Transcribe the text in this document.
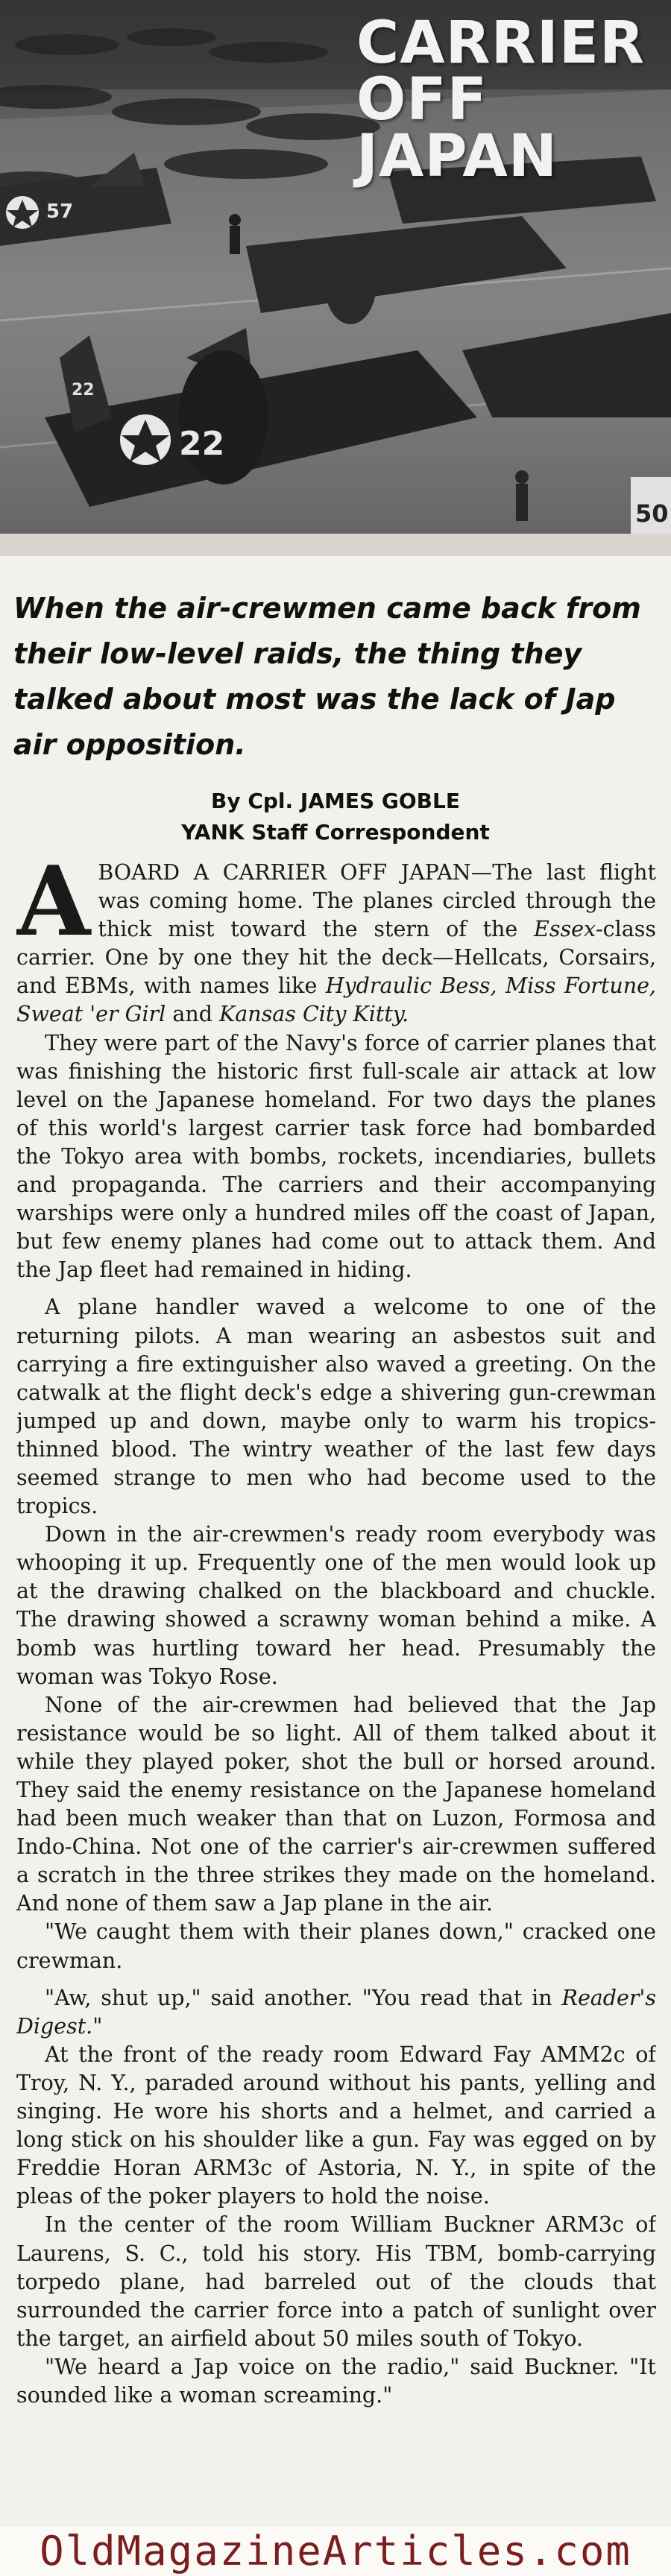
57
22
22
50
CARRIER
OFF
JAPAN
When the air-crewmen came back from their low-level raids, the thing they talked about most was the lack of Jap air opposition.
By Cpl. JAMES GOBLE
YANK Staff Correspondent

ABOARD A CARRIER OFF JAPAN—The last flight was coming home. The planes circled through the thick mist toward the stern of the Essex-class carrier. One by one they hit the deck—Hellcats, Corsairs, and EBMs, with names like Hydraulic Bess, Miss Fortune, Sweat 'er Girl and Kansas City Kitty.

They were part of the Navy's force of carrier planes that was finishing the historic first full-scale air attack at low level on the Japanese homeland. For two days the planes of this world's largest carrier task force had bombarded the Tokyo area with bombs, rockets, incendiaries, bullets and propaganda. The carriers and their accompanying warships were only a hundred miles off the coast of Japan, but few enemy planes had come out to attack them. And the Jap fleet had remained in hiding.

A plane handler waved a welcome to one of the returning pilots. A man wearing an asbestos suit and carrying a fire extinguisher also waved a greeting. On the catwalk at the flight deck's edge a shivering gun-crewman jumped up and down, maybe only to warm his tropics-thinned blood. The wintry weather of the last few days seemed strange to men who had become used to the tropics.

Down in the air-crewmen's ready room everybody was whooping it up. Frequently one of the men would look up at the drawing chalked on the blackboard and chuckle. The drawing showed a scrawny woman behind a mike. A bomb was hurtling toward her head. Presumably the woman was Tokyo Rose.

None of the air-crewmen had believed that the Jap resistance would be so light. All of them talked about it while they played poker, shot the bull or horsed around. They said the enemy resistance on the Japanese homeland had been much weaker than that on Luzon, Formosa and Indo-China. Not one of the carrier's air-crewmen suffered a scratch in the three strikes they made on the homeland. And none of them saw a Jap plane in the air.

"We caught them with their planes down," cracked one crewman.

"Aw, shut up," said another. "You read that in Reader's Digest."

At the front of the ready room Edward Fay AMM2c of Troy, N. Y., paraded around without his pants, yelling and singing. He wore his shorts and a helmet, and carried a long stick on his shoulder like a gun. Fay was egged on by Freddie Horan ARM3c of Astoria, N. Y., in spite of the pleas of the poker players to hold the noise.

In the center of the room William Buckner ARM3c of Laurens, S. C., told his story. His TBM, bomb-carrying torpedo plane, had barreled out of the clouds that surrounded the carrier force into a patch of sunlight over the target, an airfield about 50 miles south of Tokyo.

"We heard a Jap voice on the radio," said Buckner. "It sounded like a woman screaming."

OldMagazineArticles.com
